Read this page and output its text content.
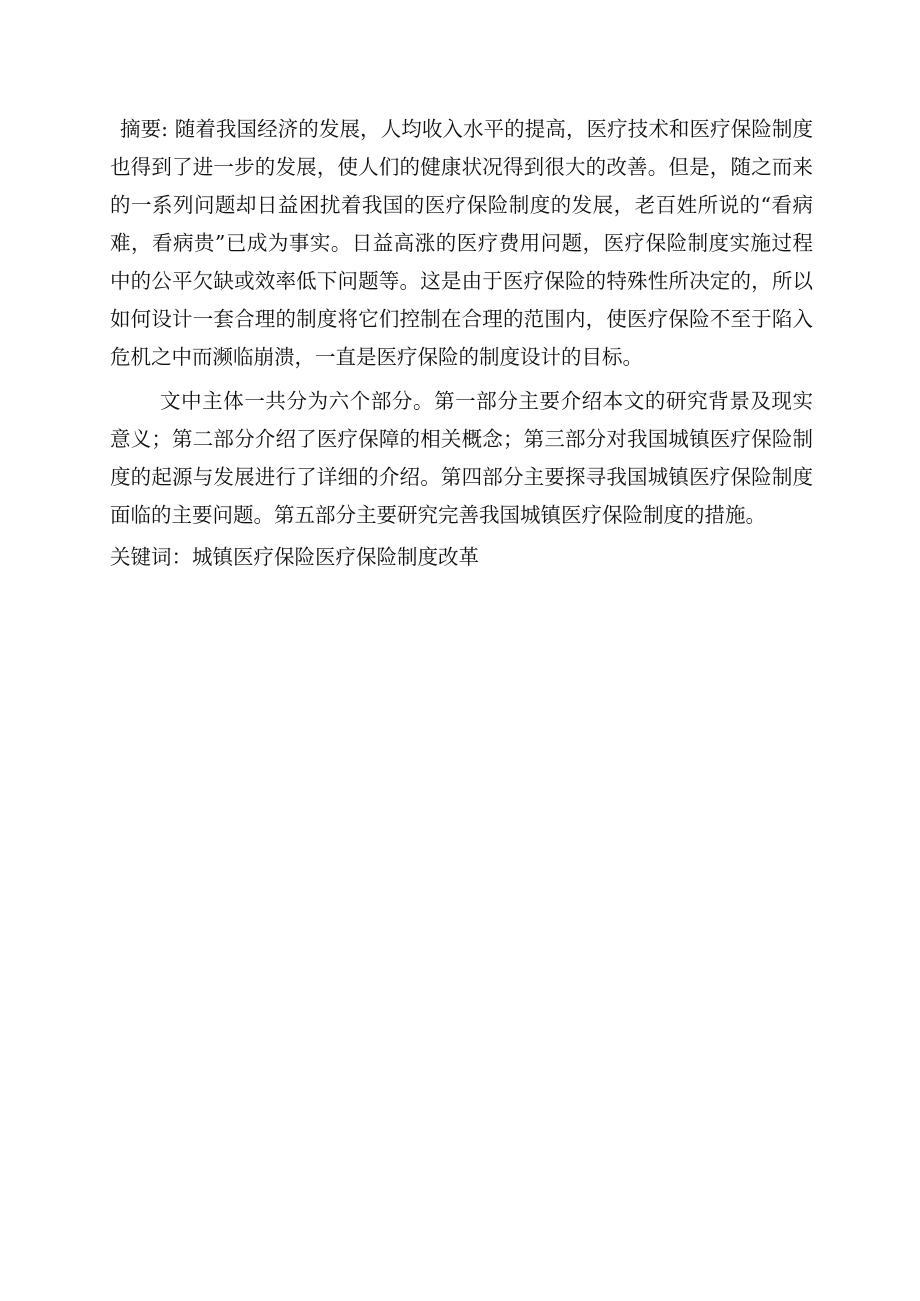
摘要: 随着我国经济的发展，人均收入水平的提高，医疗技术和医疗保险制度也得到了进一步的发展，使人们的健康状况得到很大的改善。但是，随之而来的一系列问题却日益困扰着我国的医疗保险制度的发展，老百姓所说的“看病难，看病贵”已成为事实。日益高涨的医疗费用问题，医疗保险制度实施过程中的公平欠缺或效率低下问题等。这是由于医疗保险的特殊性所决定的，所以如何设计一套合理的制度将它们控制在合理的范围内，使医疗保险不至于陷入危机之中而濒临崩溃，一直是医疗保险的制度设计的目标。

文中主体一共分为六个部分。第一部分主要介绍本文的研究背景及现实意义；第二部分介绍了医疗保障的相关概念；第三部分对我国城镇医疗保险制度的起源与发展进行了详细的介绍。第四部分主要探寻我国城镇医疗保险制度面临的主要问题。第五部分主要研究完善我国城镇医疗保险制度的措施。

关键词：城镇医疗保险医疗保险制度改革
